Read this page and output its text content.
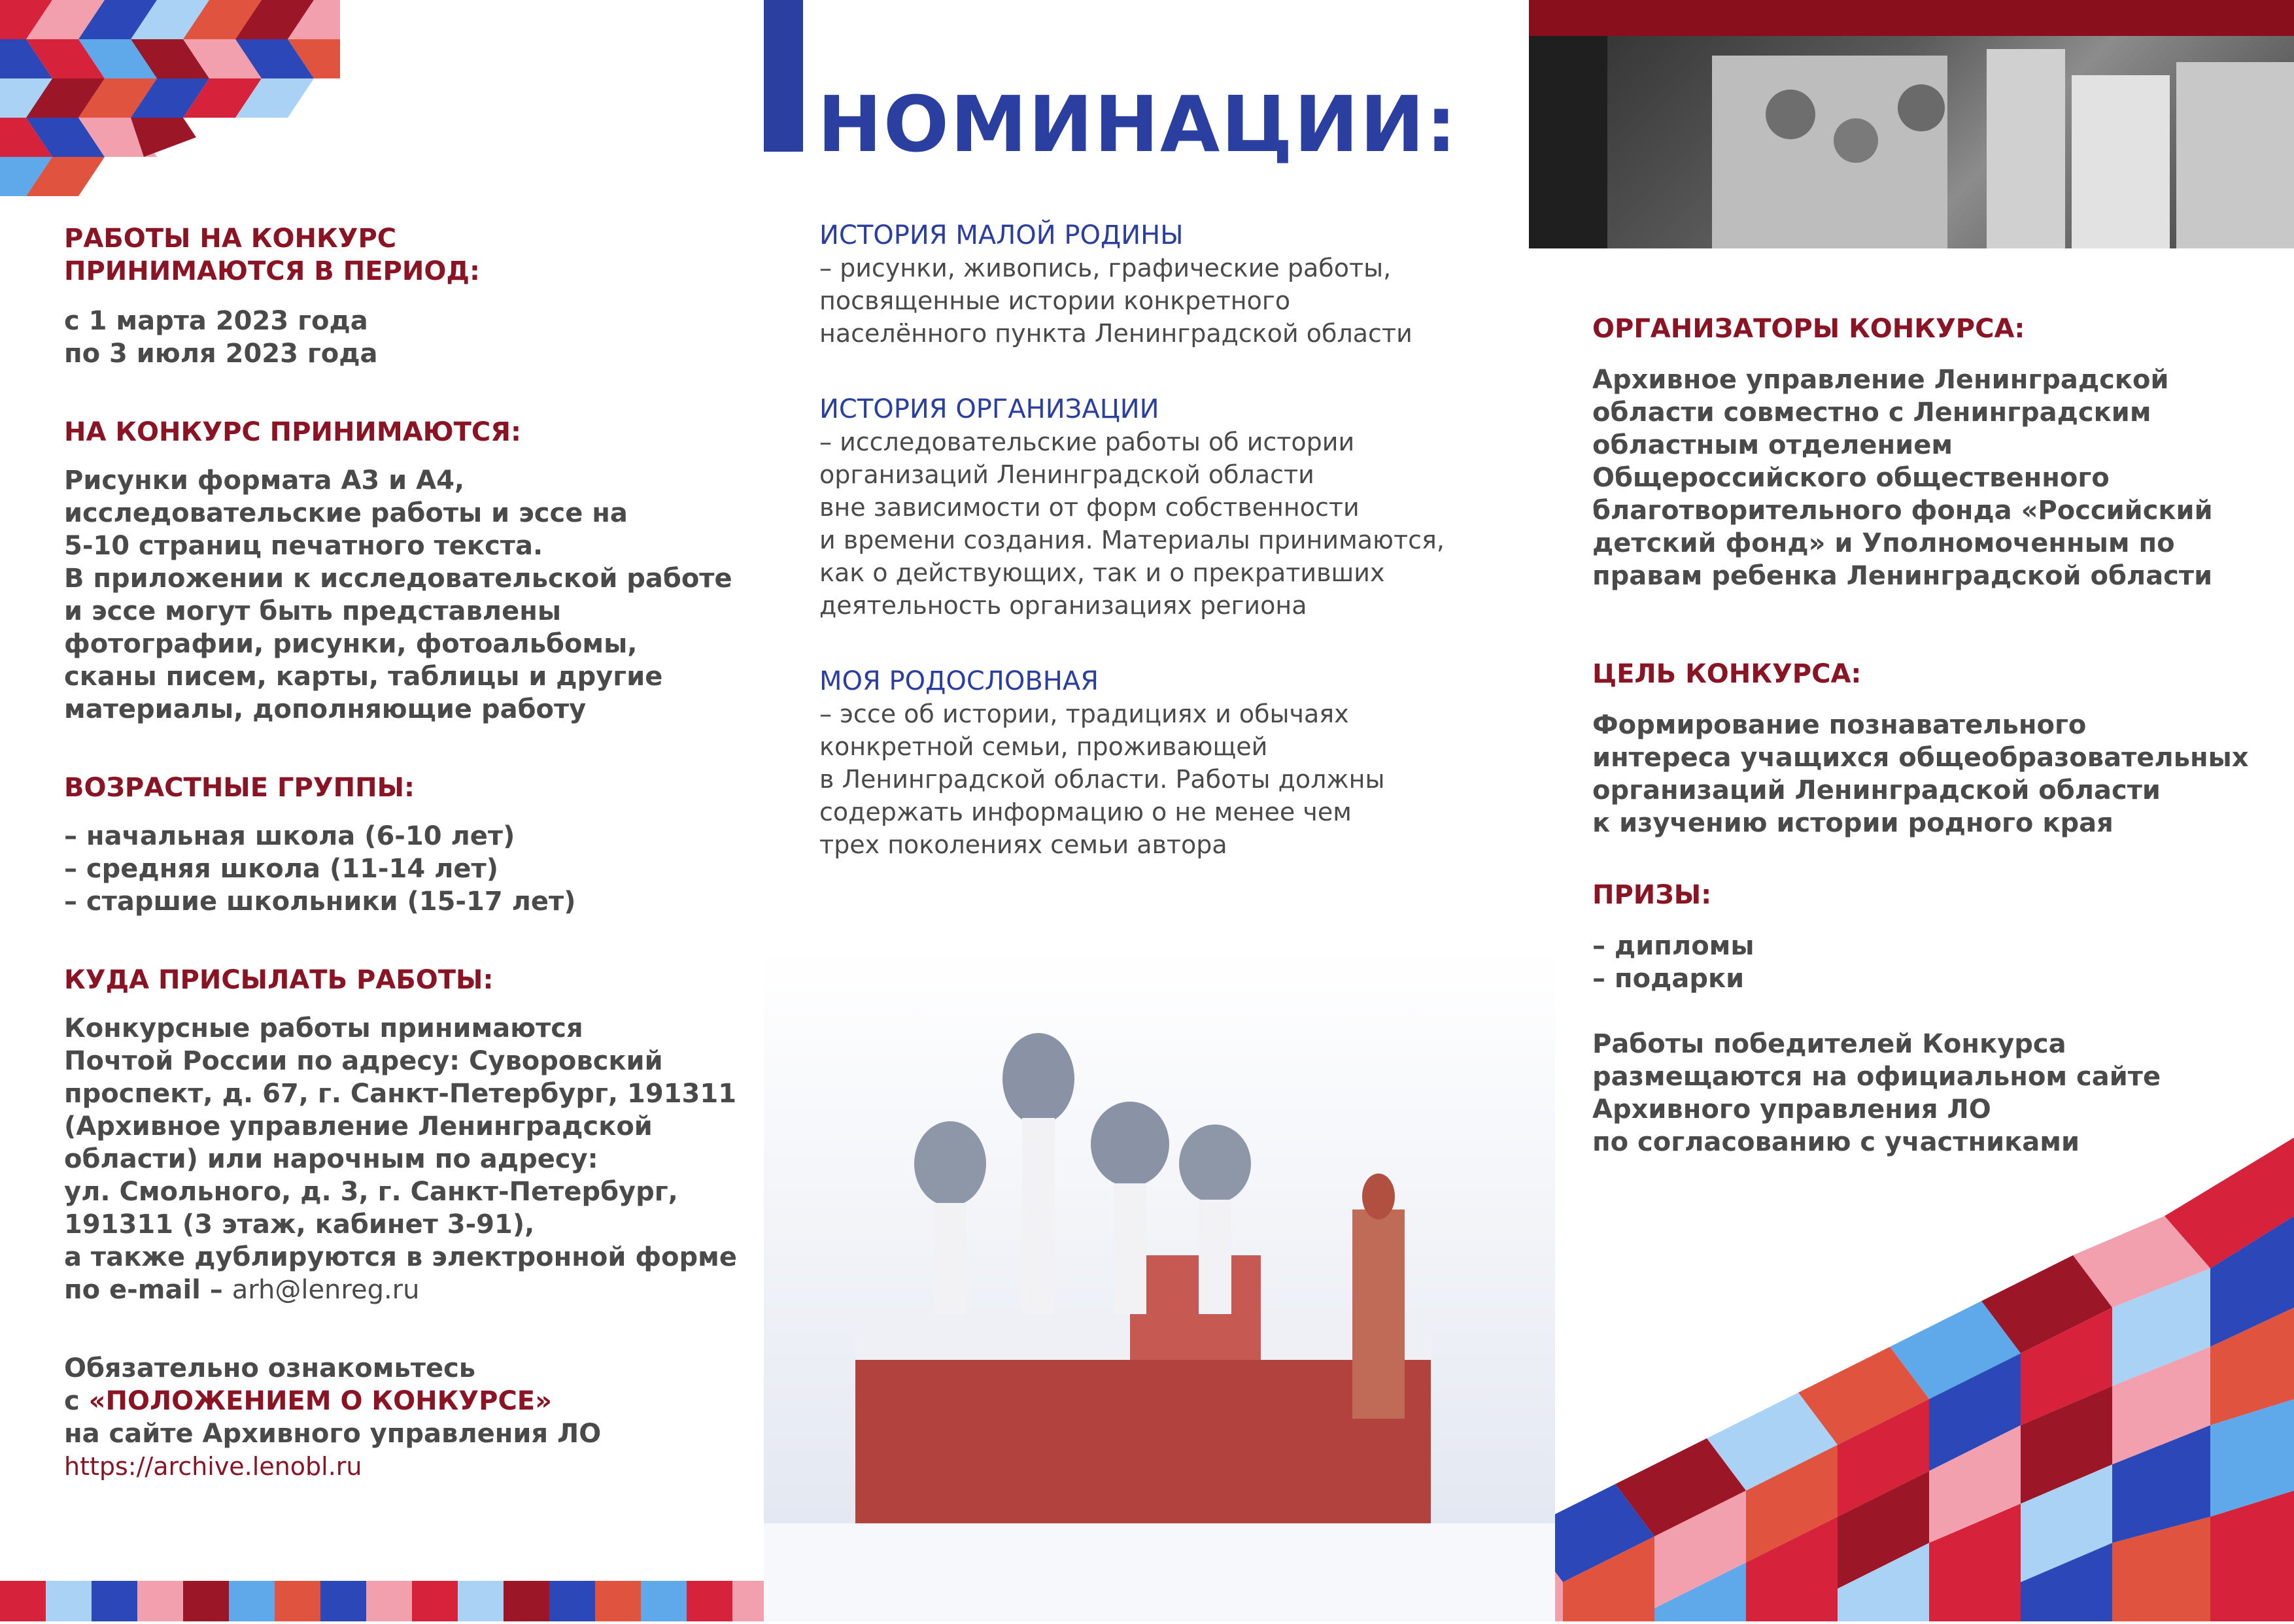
НОМИНАЦИИ:

РАБОТЫ НА КОНКУРС

ПРИНИМАЮТСЯ В ПЕРИОД:

с 1 марта 2023 года

по 3 июля 2023 года

НА КОНКУРС ПРИНИМАЮТСЯ:

Рисунки формата А3 и А4,
исследовательские работы и эссе на
5-10 страниц печатного текста.
В приложении к исследовательской работе
и эссе могут быть представлены
фотографии, рисунки, фотоальбомы,
сканы писем, карты, таблицы и другие
материалы, дополняющие работу

ВОЗРАСТНЫЕ ГРУППЫ:

– начальная школа (6-10 лет)

– средняя школа (11-14 лет)

– старшие школьники (15-17 лет)

КУДА ПРИСЫЛАТЬ РАБОТЫ:

Конкурсные работы принимаются
Почтой России по адресу: Суворовский
проспект, д. 67, г. Санкт-Петербург, 191311
(Архивное управление Ленинградской
области) или нарочным по адресу:
ул. Смольного, д. 3, г. Санкт-Петербург,
191311 (3 этаж, кабинет 3-91),
а также дублируются в электронной форме
по e-mail – arh@lenreg.ru

Обязательно ознакомьтесь

с «ПОЛОЖЕНИЕМ О КОНКУРСЕ»

на сайте Архивного управления ЛО

https://archive.lenobl.ru

ИСТОРИЯ МАЛОЙ РОДИНЫ

– рисунки, живопись, графические работы,
посвященные истории конкретного
населённого пункта Ленинградской области

ИСТОРИЯ ОРГАНИЗАЦИИ

– исследовательские работы об истории
организаций Ленинградской области
вне зависимости от форм собственности
и времени создания. Материалы принимаются,
как о действующих, так и о прекративших
деятельность организациях региона

МОЯ РОДОСЛОВНАЯ

– эссе об истории, традициях и обычаях
конкретной семьи, проживающей
в Ленинградской области. Работы должны
содержать информацию о не менее чем
трех поколениях семьи автора

ОРГАНИЗАТОРЫ КОНКУРСА:

Архивное управление Ленинградской
области совместно с Ленинградским
областным отделением
Общероссийского общественного
благотворительного фонда «Российский
детский фонд» и Уполномоченным по
правам ребенка Ленинградской области

ЦЕЛЬ КОНКУРСА:

Формирование познавательного
интереса учащихся общеобразовательных
организаций Ленинградской области
к изучению истории родного края

ПРИЗЫ:

– дипломы

– подарки

Работы победителей Конкурса
размещаются на официальном сайте
Архивного управления ЛО
по согласованию с участниками
